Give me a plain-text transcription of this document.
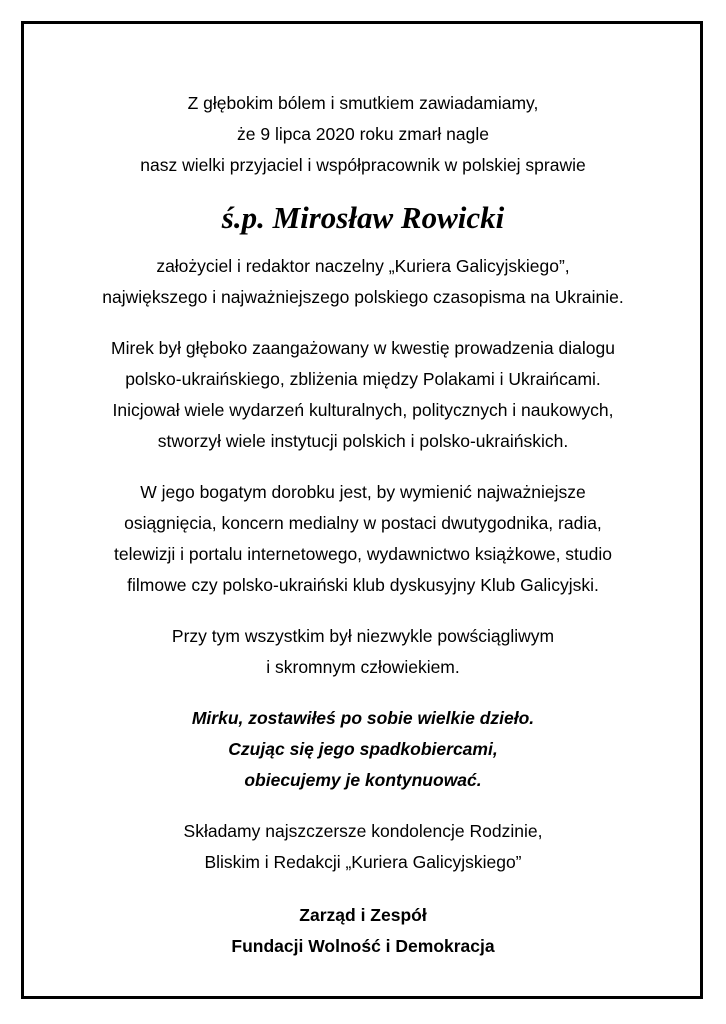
Z głębokim bólem i smutkiem zawiadamiamy,
że 9 lipca 2020 roku zmarł nagle
nasz wielki przyjaciel i współpracownik w polskiej sprawie

ś.p. Mirosław Rowicki

założyciel i redaktor naczelny „Kuriera Galicyjskiego”,
największego i najważniejszego polskiego czasopisma na Ukrainie.

Mirek był głęboko zaangażowany w kwestię prowadzenia dialogu
polsko-ukraińskiego, zbliżenia między Polakami i Ukraińcami.
Inicjował wiele wydarzeń kulturalnych, politycznych i naukowych,
stworzył wiele instytucji polskich i polsko-ukraińskich.

W jego bogatym dorobku jest, by wymienić najważniejsze
osiągnięcia, koncern medialny w postaci dwutygodnika, radia,
telewizji i portalu internetowego, wydawnictwo książkowe, studio
filmowe czy polsko-ukraiński klub dyskusyjny Klub Galicyjski.

Przy tym wszystkim był niezwykle powściągliwym
i skromnym człowiekiem.

Mirku, zostawiłeś po sobie wielkie dzieło.
Czując się jego spadkobiercami,
obiecujemy je kontynuować.

Składamy najszczersze kondolencje Rodzinie,
Bliskim i Redakcji „Kuriera Galicyjskiego”

Zarząd i Zespół
Fundacji Wolność i Demokracja
